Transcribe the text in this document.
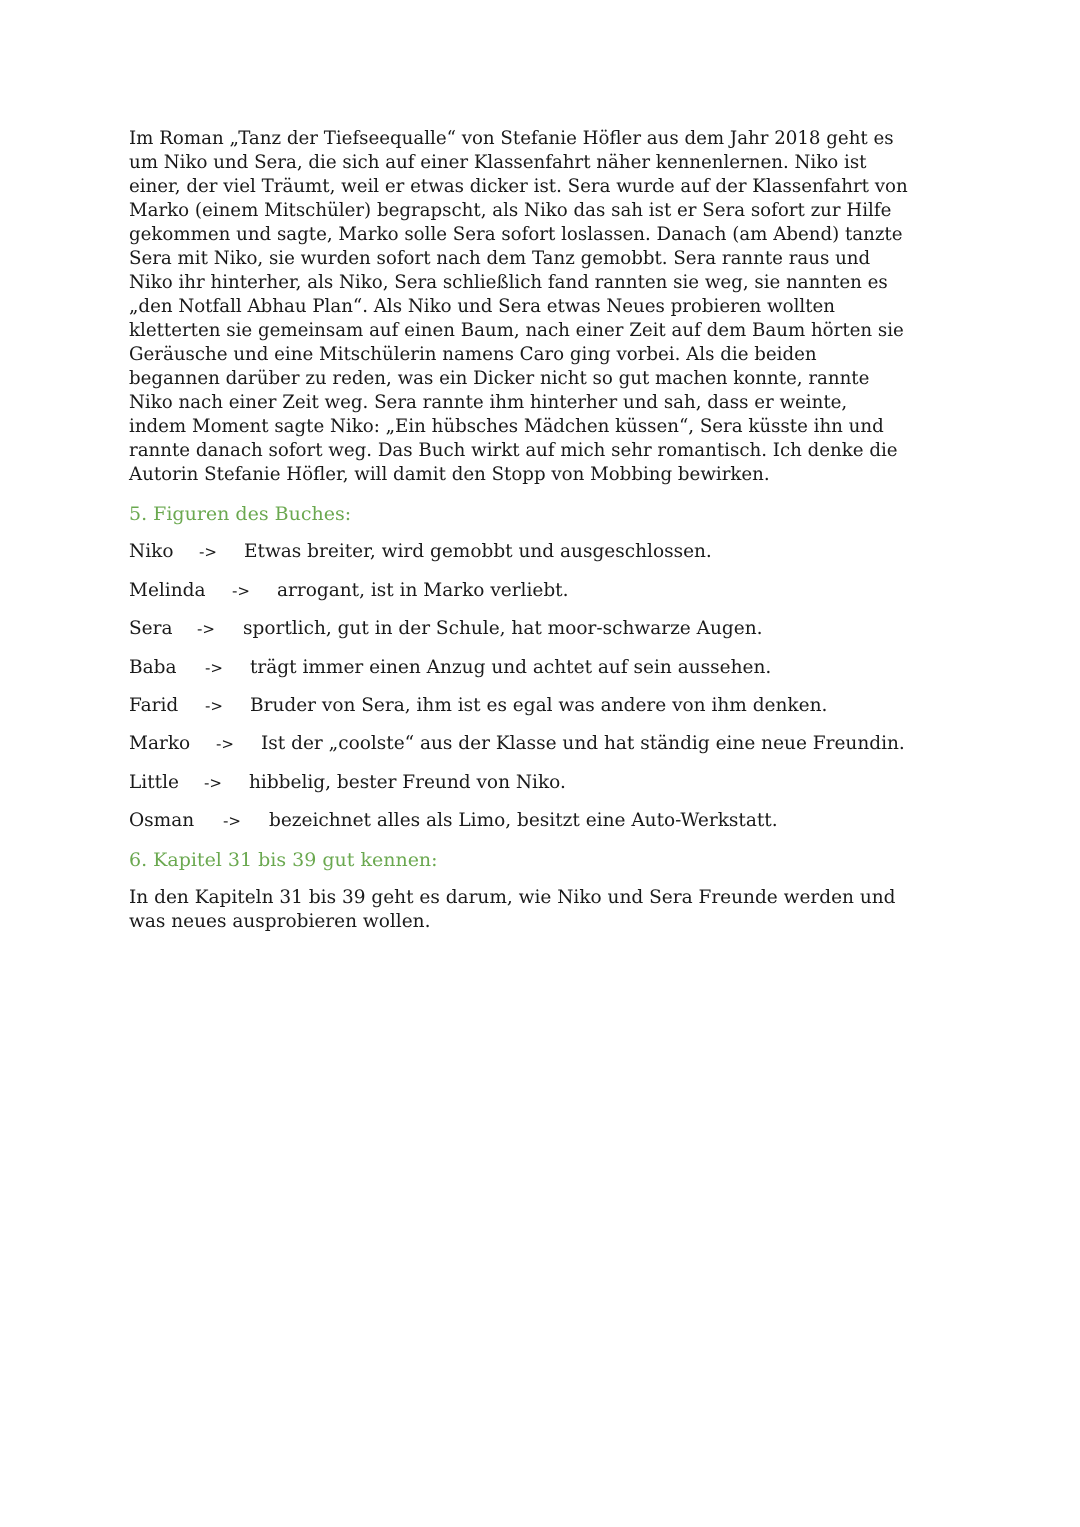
Im Roman „Tanz der Tiefseequalle“ von Stefanie Höfler aus dem Jahr 2018 geht es
um Niko und Sera, die sich auf einer Klassenfahrt näher kennenlernen. Niko ist
einer, der viel Träumt, weil er etwas dicker ist. Sera wurde auf der Klassenfahrt von
Marko (einem Mitschüler) begrapscht, als Niko das sah ist er Sera sofort zur Hilfe
gekommen und sagte, Marko solle Sera sofort loslassen. Danach (am Abend) tanzte
Sera mit Niko, sie wurden sofort nach dem Tanz gemobbt. Sera rannte raus und
Niko ihr hinterher, als Niko, Sera schließlich fand rannten sie weg, sie nannten es
„den Notfall Abhau Plan“. Als Niko und Sera etwas Neues probieren wollten
kletterten sie gemeinsam auf einen Baum, nach einer Zeit auf dem Baum hörten sie
Geräusche und eine Mitschülerin namens Caro ging vorbei. Als die beiden
begannen darüber zu reden, was ein Dicker nicht so gut machen konnte, rannte
Niko nach einer Zeit weg. Sera rannte ihm hinterher und sah, dass er weinte,
indem Moment sagte Niko: „Ein hübsches Mädchen küssen“, Sera küsste ihn und
rannte danach sofort weg. Das Buch wirkt auf mich sehr romantisch. Ich denke die
Autorin Stefanie Höfler, will damit den Stopp von Mobbing bewirken.
5. Figuren des Buches:
Niko -> Etwas breiter, wird gemobbt und ausgeschlossen.
Melinda -> arrogant, ist in Marko verliebt.
Sera -> sportlich, gut in der Schule, hat moor-schwarze Augen.
Baba -> trägt immer einen Anzug und achtet auf sein aussehen.
Farid -> Bruder von Sera, ihm ist es egal was andere von ihm denken.
Marko -> Ist der „coolste“ aus der Klasse und hat ständig eine neue Freundin.
Little -> hibbelig, bester Freund von Niko.
Osman -> bezeichnet alles als Limo, besitzt eine Auto-Werkstatt.
6. Kapitel 31 bis 39 gut kennen:
In den Kapiteln 31 bis 39 geht es darum, wie Niko und Sera Freunde werden und
was neues ausprobieren wollen.
